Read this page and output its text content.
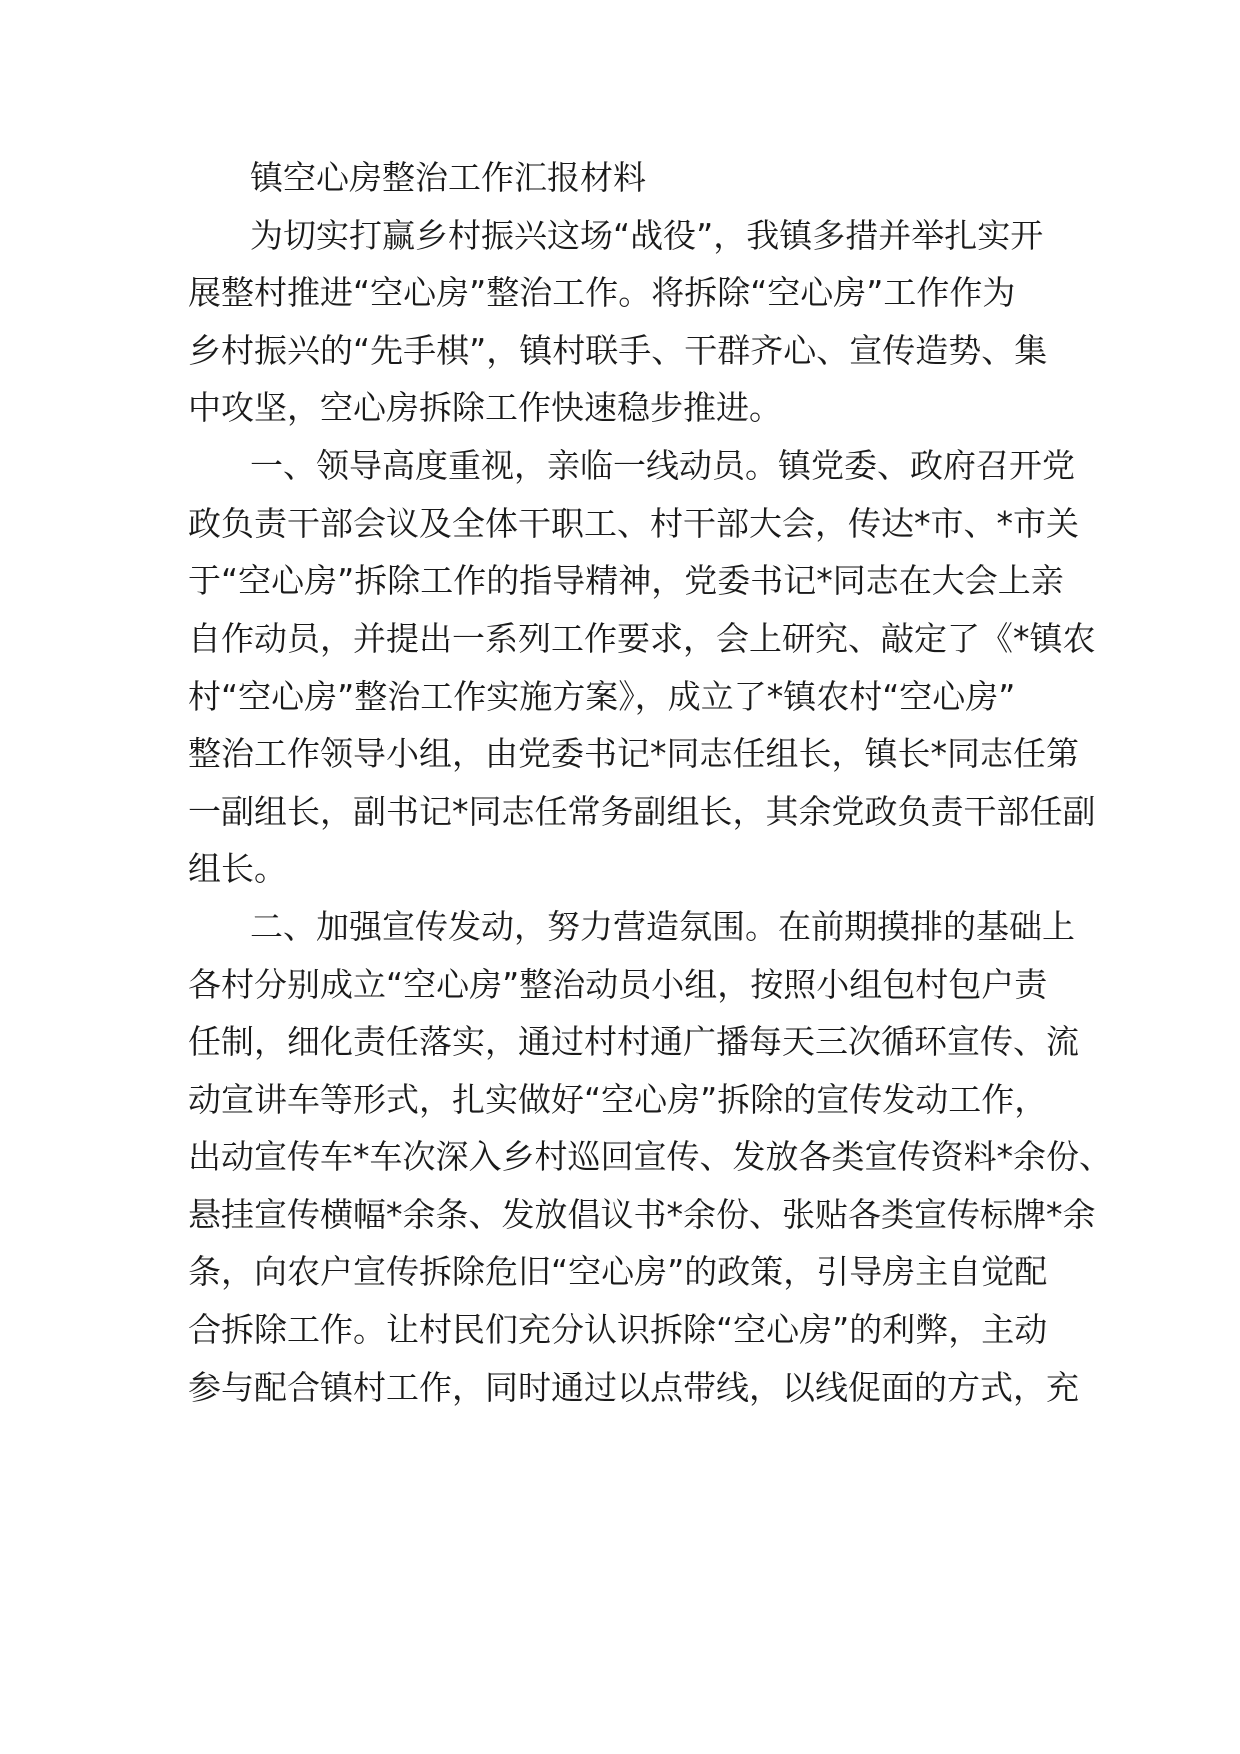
镇空心房整治工作汇报材料
为切实打赢乡村振兴这场“战役”，我镇多措并举扎实开
展整村推进“空心房”整治工作。将拆除“空心房”工作作为
乡村振兴的“先手棋”，镇村联手、干群齐心、宣传造势、集
中攻坚，空心房拆除工作快速稳步推进。
一、领导高度重视，亲临一线动员。镇党委、政府召开党
政负责干部会议及全体干职工、村干部大会，传达*市、*市关
于“空心房”拆除工作的指导精神，党委书记*同志在大会上亲
自作动员，并提出一系列工作要求，会上研究、敲定了《*镇农
村“空心房”整治工作实施方案》，成立了*镇农村“空心房”
整治工作领导小组，由党委书记*同志任组长，镇长*同志任第
一副组长，副书记*同志任常务副组长，其余党政负责干部任副
组长。
二、加强宣传发动，努力营造氛围。在前期摸排的基础上
各村分别成立“空心房”整治动员小组，按照小组包村包户责
任制，细化责任落实，通过村村通广播每天三次循环宣传、流
动宣讲车等形式，扎实做好“空心房”拆除的宣传发动工作，
出动宣传车*车次深入乡村巡回宣传、发放各类宣传资料*余份、
悬挂宣传横幅*余条、发放倡议书*余份、张贴各类宣传标牌*余
条，向农户宣传拆除危旧“空心房”的政策，引导房主自觉配
合拆除工作。让村民们充分认识拆除“空心房”的利弊，主动
参与配合镇村工作，同时通过以点带线，以线促面的方式，充
